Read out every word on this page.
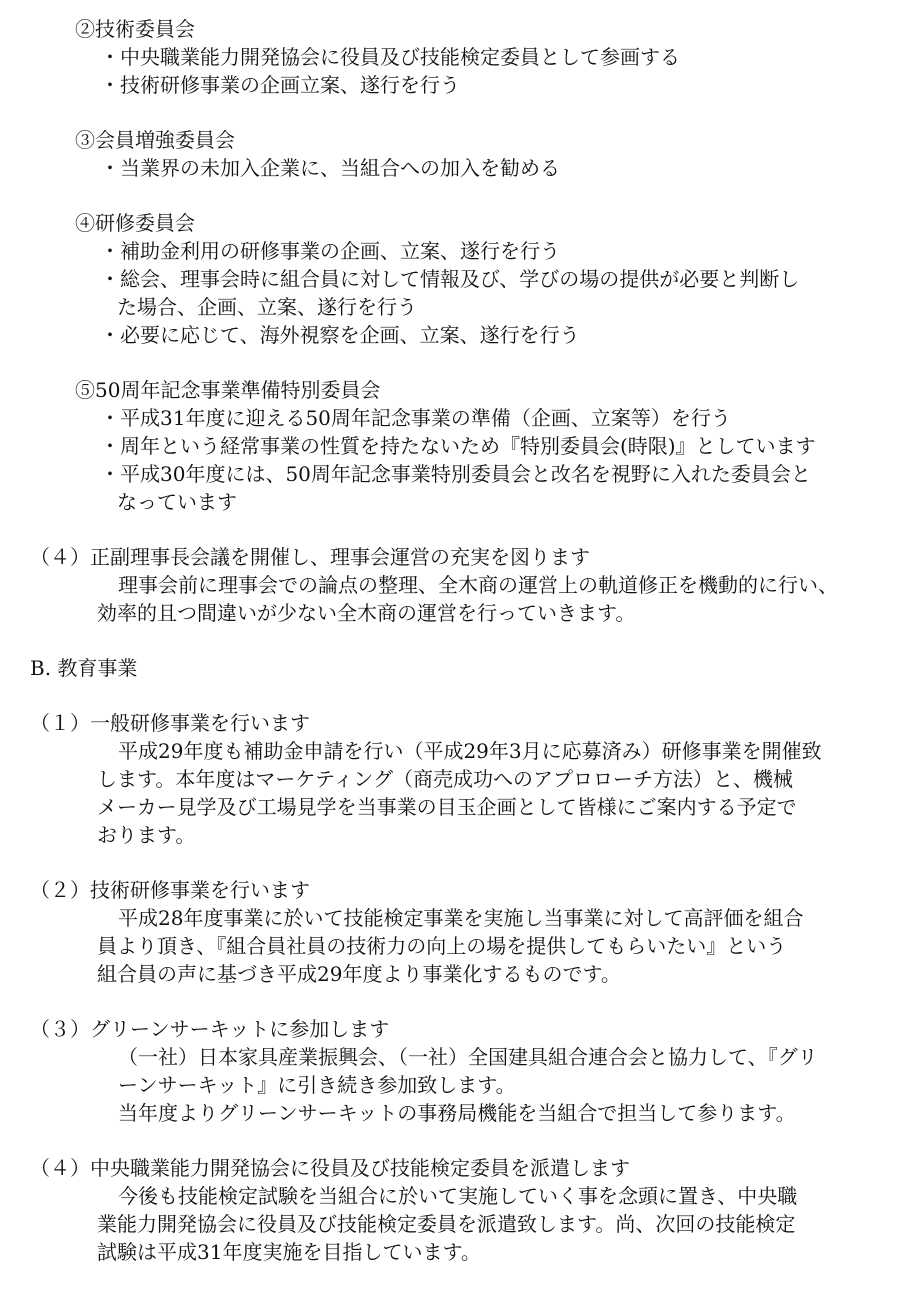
②技術委員会
・中央職業能力開発協会に役員及び技能検定委員として参画する
・技術研修事業の企画立案、遂行を行う
③会員増強委員会
・当業界の未加入企業に、当組合への加入を勧める
④研修委員会
・補助金利用の研修事業の企画、立案、遂行を行う
・総会、理事会時に組合員に対して情報及び、学びの場の提供が必要と判断し
た場合、企画、立案、遂行を行う
・必要に応じて、海外視察を企画、立案、遂行を行う
⑤50周年記念事業準備特別委員会
・平成31年度に迎える50周年記念事業の準備（企画、立案等）を行う
・周年という経常事業の性質を持たないため『特別委員会(時限)』としています
・平成30年度には、50周年記念事業特別委員会と改名を視野に入れた委員会と
なっています
（４）正副理事長会議を開催し、理事会運営の充実を図ります
理事会前に理事会での論点の整理、全木商の運営上の軌道修正を機動的に行い、
効率的且つ間違いが少ない全木商の運営を行っていきます。
B. 教育事業
（１）一般研修事業を行います
平成29年度も補助金申請を行い（平成29年3月に応募済み）研修事業を開催致
します。本年度はマーケティング（商売成功へのアプロローチ方法）と、機械
メーカー見学及び工場見学を当事業の目玉企画として皆様にご案内する予定で
おります。
（２）技術研修事業を行います
平成28年度事業に於いて技能検定事業を実施し当事業に対して高評価を組合
員より頂き、『組合員社員の技術力の向上の場を提供してもらいたい』という
組合員の声に基づき平成29年度より事業化するものです。
（３）グリーンサーキットに参加します
（一社）日本家具産業振興会、（一社）全国建具組合連合会と協力して、『グリ
ーンサーキット』に引き続き参加致します。
当年度よりグリーンサーキットの事務局機能を当組合で担当して参ります。
（４）中央職業能力開発協会に役員及び技能検定委員を派遣します
今後も技能検定試験を当組合に於いて実施していく事を念頭に置き、中央職
業能力開発協会に役員及び技能検定委員を派遣致します。尚、次回の技能検定
試験は平成31年度実施を目指しています。
